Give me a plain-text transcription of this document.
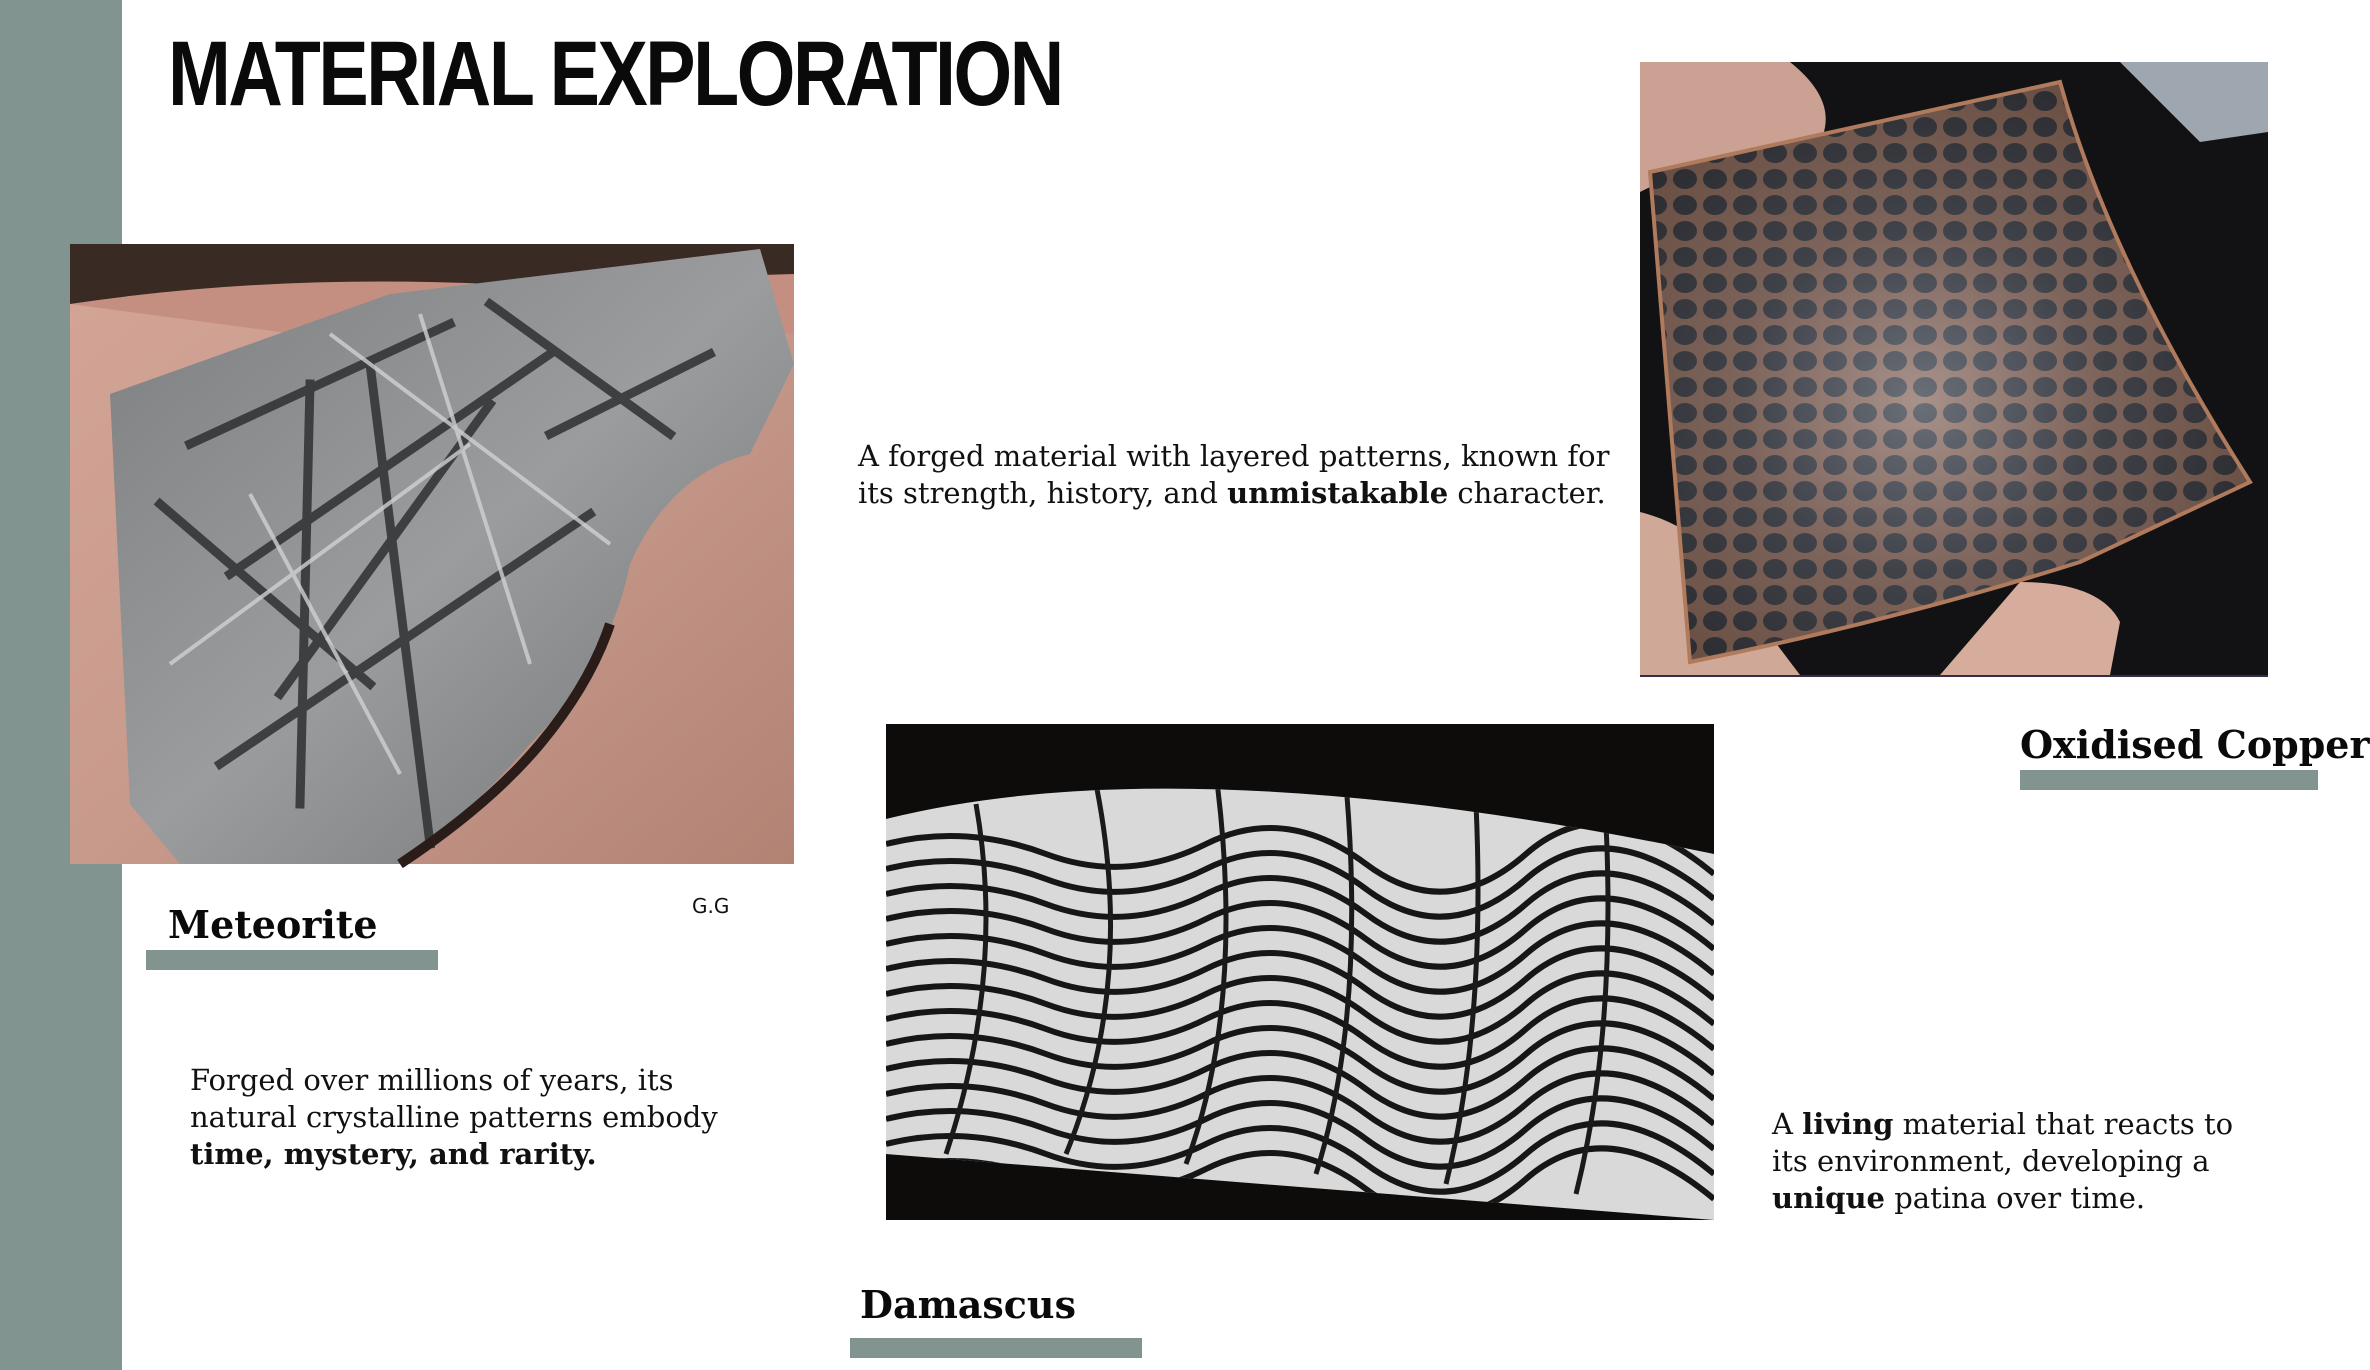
MATERIAL EXPLORATION
Meteorite	G.G
Forged over millions of years, its
natural crystalline patterns embody
time, mystery, and rarity.
A forged material with layered patterns, known for
its strength, history, and unmistakable character.
Damascus
Oxidised Copper
A living material that reacts to
its environment, developing a
unique patina over time.
